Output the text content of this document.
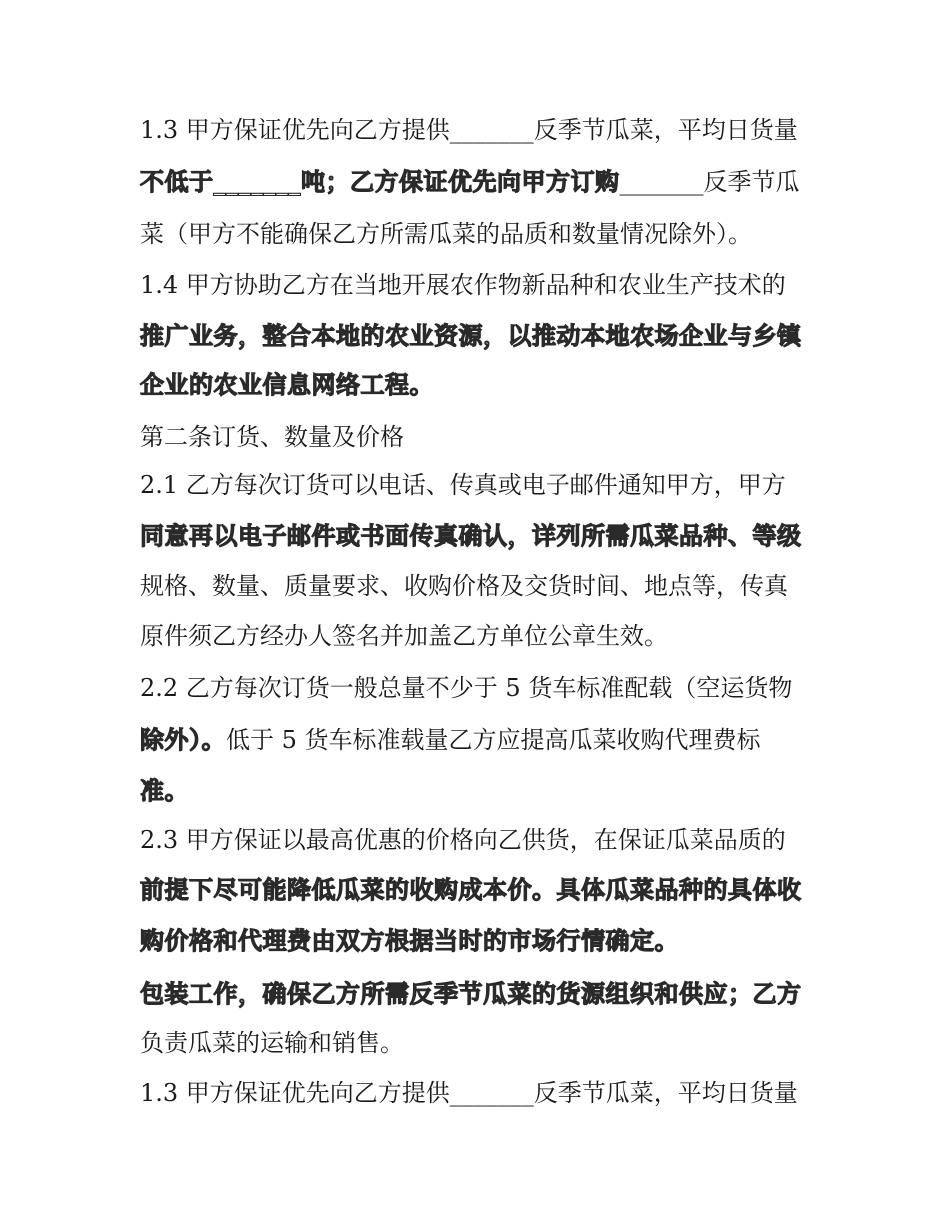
1.3 甲方保证优先向乙方提供_______反季节瓜菜，平均日货量
不低于_______吨；乙方保证优先向甲方订购_______反季节瓜
菜（甲方不能确保乙方所需瓜菜的品质和数量情况除外）。
1.4 甲方协助乙方在当地开展农作物新品种和农业生产技术的
推广业务，整合本地的农业资源，以推动本地农场企业与乡镇
企业的农业信息网络工程。
第二条订货、数量及价格
2.1 乙方每次订货可以电话、传真或电子邮件通知甲方，甲方
同意再以电子邮件或书面传真确认，详列所需瓜菜品种、等级
规格、数量、质量要求、收购价格及交货时间、地点等，传真
原件须乙方经办人签名并加盖乙方单位公章生效。
2.2 乙方每次订货一般总量不少于 5 货车标准配载（空运货物
除外）。低于 5 货车标准载量乙方应提高瓜菜收购代理费标
准。
2.3 甲方保证以最高优惠的价格向乙供货，在保证瓜菜品质的
前提下尽可能降低瓜菜的收购成本价。具体瓜菜品种的具体收
购价格和代理费由双方根据当时的市场行情确定。
包装工作，确保乙方所需反季节瓜菜的货源组织和供应；乙方
负责瓜菜的运输和销售。
1.3 甲方保证优先向乙方提供_______反季节瓜菜，平均日货量
